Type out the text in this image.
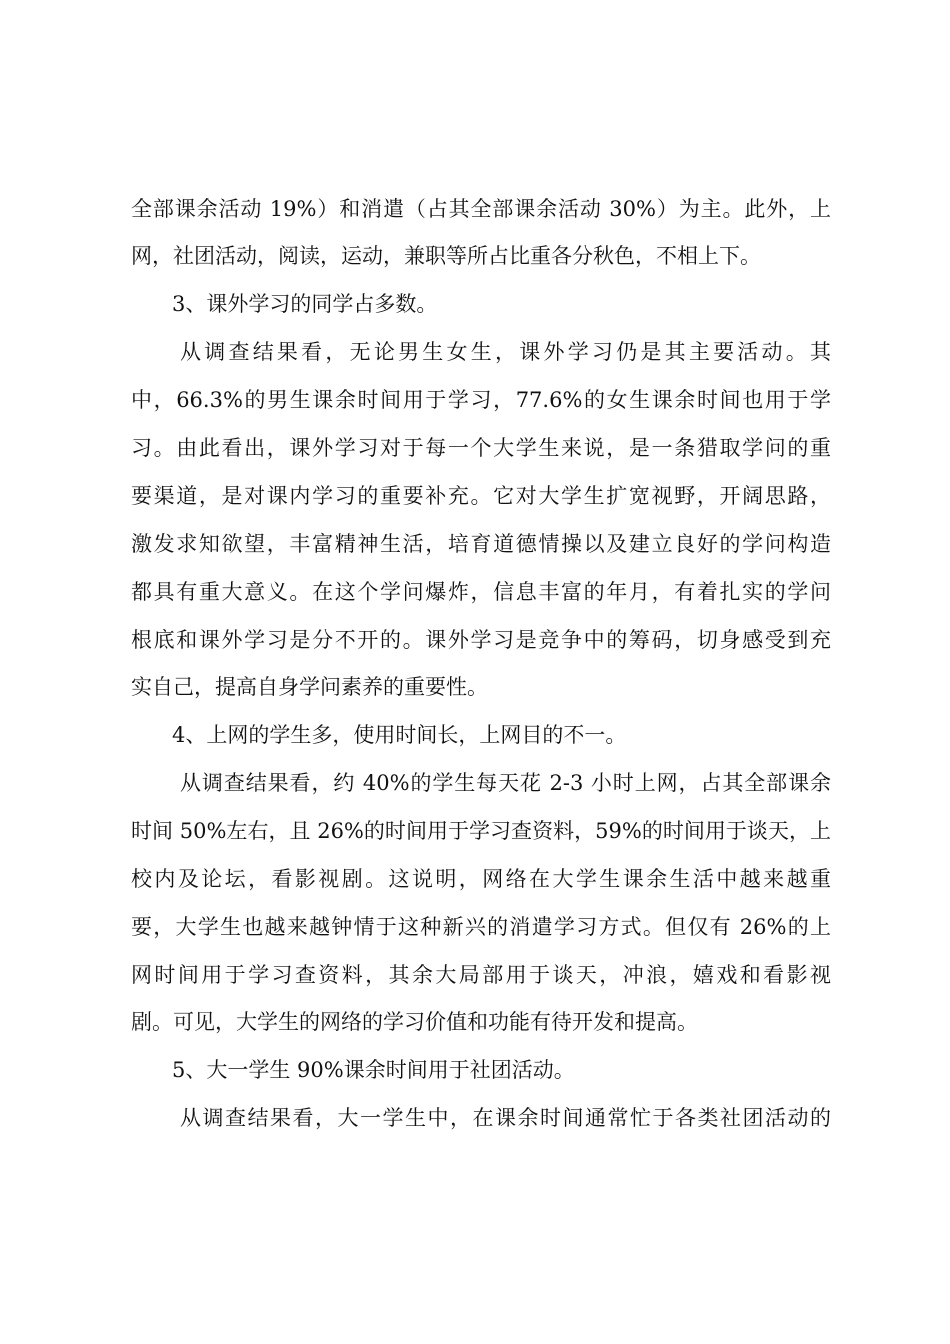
全部课余活动 19%）和消遣（占其全部课余活动 30%）为主。此外，上
网，社团活动，阅读，运动，兼职等所占比重各分秋色，不相上下。
3、课外学习的同学占多数。
从调查结果看，无论男生女生，课外学习仍是其主要活动。其
中，66.3%的男生课余时间用于学习，77.6%的女生课余时间也用于学
习。由此看出，课外学习对于每一个大学生来说，是一条猎取学问的重
要渠道，是对课内学习的重要补充。它对大学生扩宽视野，开阔思路，
激发求知欲望，丰富精神生活，培育道德情操以及建立良好的学问构造
都具有重大意义。在这个学问爆炸，信息丰富的年月，有着扎实的学问
根底和课外学习是分不开的。课外学习是竞争中的筹码，切身感受到充
实自己，提高自身学问素养的重要性。
4、上网的学生多，使用时间长，上网目的不一。
从调查结果看，约 40%的学生每天花 2-3 小时上网，占其全部课余
时间 50%左右，且 26%的时间用于学习查资料，59%的时间用于谈天，上
校内及论坛，看影视剧。这说明，网络在大学生课余生活中越来越重
要，大学生也越来越钟情于这种新兴的消遣学习方式。但仅有 26%的上
网时间用于学习查资料，其余大局部用于谈天，冲浪，嬉戏和看影视
剧。可见，大学生的网络的学习价值和功能有待开发和提高。
5、大一学生 90%课余时间用于社团活动。
从调查结果看，大一学生中，在课余时间通常忙于各类社团活动的
